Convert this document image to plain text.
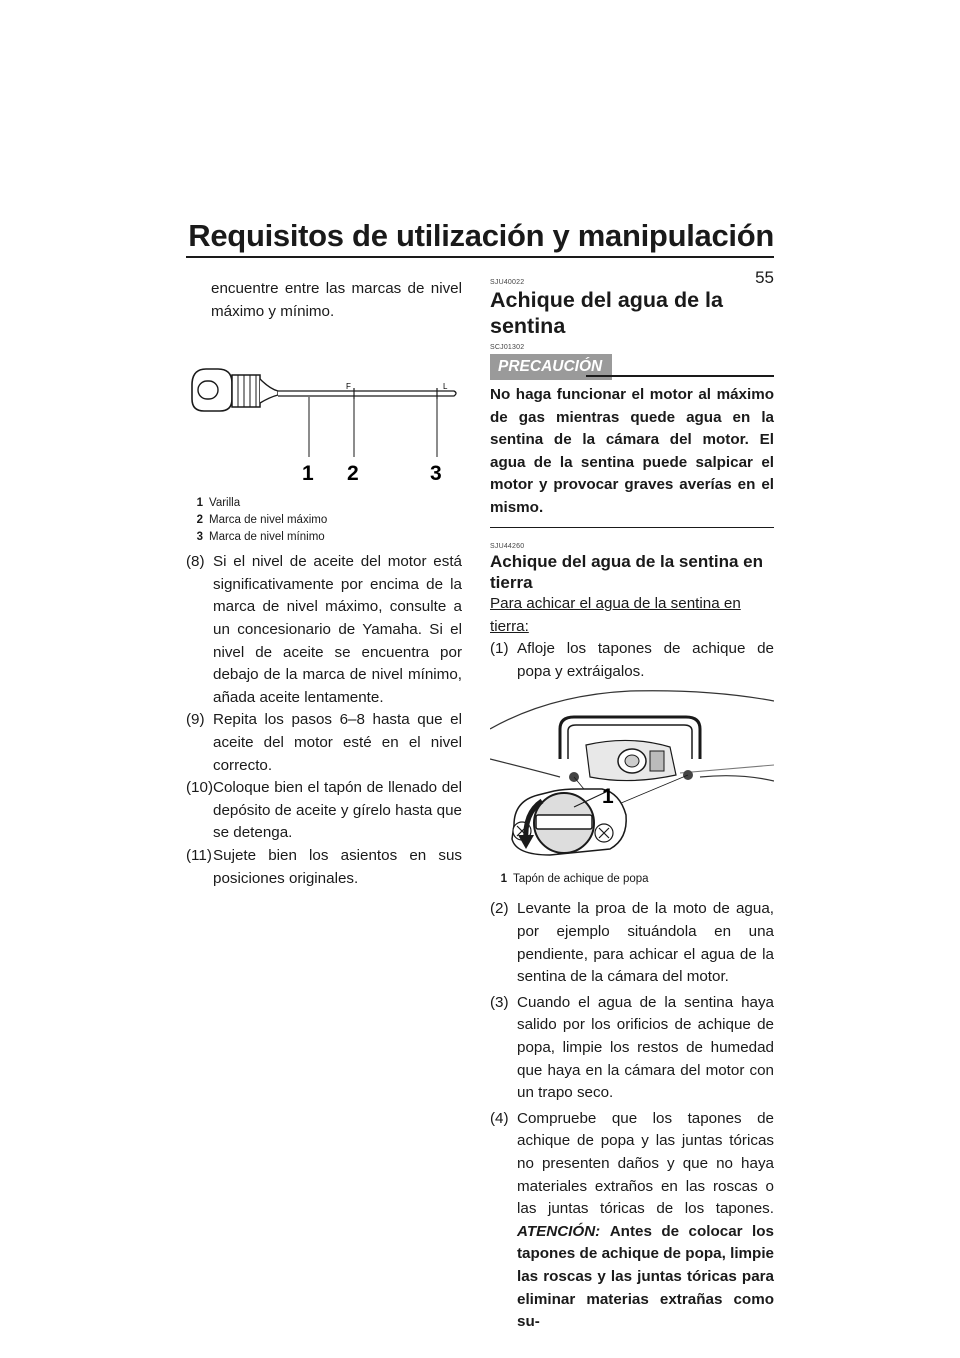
Requisitos de utilización y manipulación
55

encuentre entre las marcas de nivel máximo y mínimo.

F	L
1 2	3
1 Varilla
2 Marca de nivel máximo
3 Marca de nivel mínimo

(8) Si el nivel de aceite del motor está significativamente por encima de la marca de nivel máximo, consulte a un concesionario de Yamaha. Si el nivel de aceite se encuentra por debajo de la marca de nivel mínimo, añada aceite lentamente.

(9) Repita los pasos 6–8 hasta que el aceite del motor esté en el nivel correcto.

(10) Coloque bien el tapón de llenado del depósito de aceite y gírelo hasta que se detenga.

(11) Sujete bien los asientos en sus posiciones originales.

SJU40022
Achique del agua de la sentina
SCJ01302
PRECAUCIÓN

No haga funcionar el motor al máximo de gas mientras quede agua en la sentina de la cámara del motor. El agua de la sentina puede salpicar el motor y provocar graves averías en el mismo.

SJU44260
Achique del agua de la sentina en tierra

Para achicar el agua de la sentina en tierra:

(1) Afloje los tapones de achique de popa y extráigalos.

1
1 Tapón de achique de popa

(2) Levante la proa de la moto de agua, por ejemplo situándola en una pendiente, para achicar el agua de la sentina de la cámara del motor.

(3) Cuando el agua de la sentina haya salido por los orificios de achique de popa, limpie los restos de humedad que haya en la cámara del motor con un trapo seco.

(4) Compruebe que los tapones de achique de popa y las juntas tóricas no presenten daños y que no haya materiales extraños en las roscas o las juntas tóricas de los tapones. ATENCIÓN: Antes de colocar los tapones de achique de popa, limpie las roscas y las juntas tóricas para eliminar materias extrañas como su-
